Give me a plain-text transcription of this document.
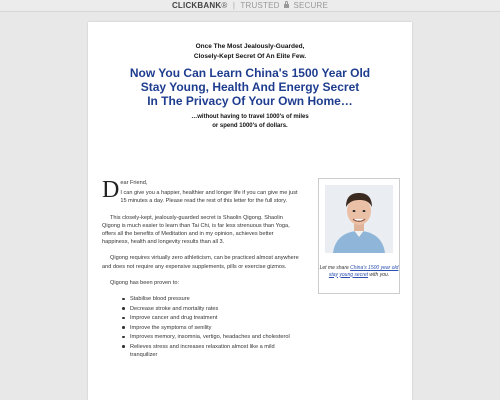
CLICKBANK® | TRUSTED SECURE
Once The Most Jealously-Guarded,
Closely-Kept Secret Of An Elite Few.
Now You Can Learn China's 1500 Year Old
Stay Young, Health And Energy Secret
In The Privacy Of Your Own Home…
…without having to travel 1000's of miles
or spend 1000's of dollars.

Dear Friend,

I can give you a happier, healthier and longer life if you can give me just 15 minutes a day. Please read the rest of this letter for the full story.

This closely-kept, jealously-guarded secret is Shaolin Qigong. Shaolin Qigong is much easier to learn than Tai Chi, is far less strenuous than Yoga, offers all the benefits of Meditation and in my opinion, achieves better happiness, health and longevity results than all 3.

Qigong requires virtually zero athleticism, can be practiced almost anywhere and does not require any expensive supplements, pills or exercise gizmos.

Qigong has been proven to:

Stabilise blood pressure
Decrease stroke and mortality rates
Improve cancer and drug treatment
Improve the symptoms of senility
Improves memory, insomnia, vertigo, headaches and cholesterol
Relieves stress and increases relaxation almost like a mild tranquilizer
Let me share China's 1500 year old stay young secret with you.
